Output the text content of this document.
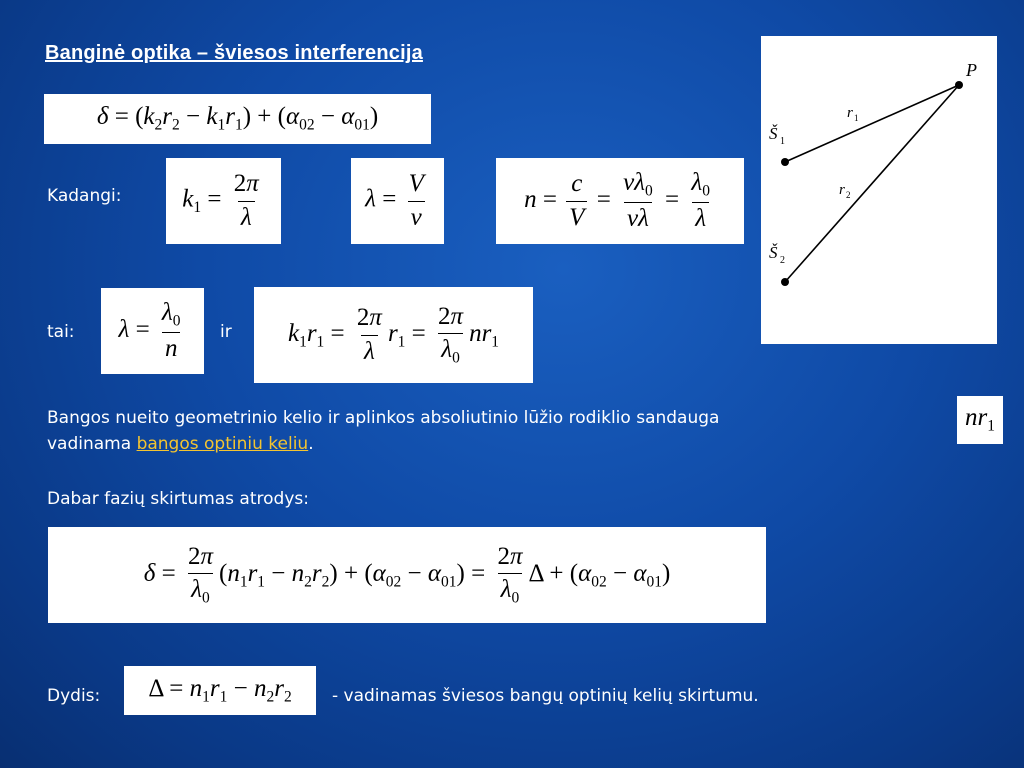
Banginė optika – šviesos interferencija
$\delta = (k_2r_2 - k_1r_1) + (\alpha_{02} - \alpha_{01})$
Kadangi: $k_1 = \frac{2\pi}{\lambda}$	$\lambda = \frac{V}{\nu}$	$n = \frac{c}{V} = \frac{\nu\lambda_0}{\nu\lambda} = \frac{\lambda_0}{\lambda}$
tai: $\lambda = \frac{\lambda_0}{n}$ ir $k_1r_1 = \frac{2\pi}{\lambda} r_1 = \frac{2\pi}{\lambda_0} nr_1$
Bangos nueito geometrinio kelio ir aplinkos absoliutinio lūžio rodiklio sandauga
vadinama bangos optiniu keliu.
$nr_1$
Dabar fazių skirtumas atrodys:
$\delta = \frac{2\pi}{\lambda_0} (n_1r_1 - n_2r_2) + (\alpha_{02} - \alpha_{01}) = \frac{2\pi}{\lambda_0}$ $\Delta + (\alpha_{02} - \alpha_{01})$
Dydis: $\Delta = n_1r_1 - n_2r_2$ - vadinamas šviesos bangų optinių kelių skirtumu.
P
Š 1
Š 2
r 1
r 2
